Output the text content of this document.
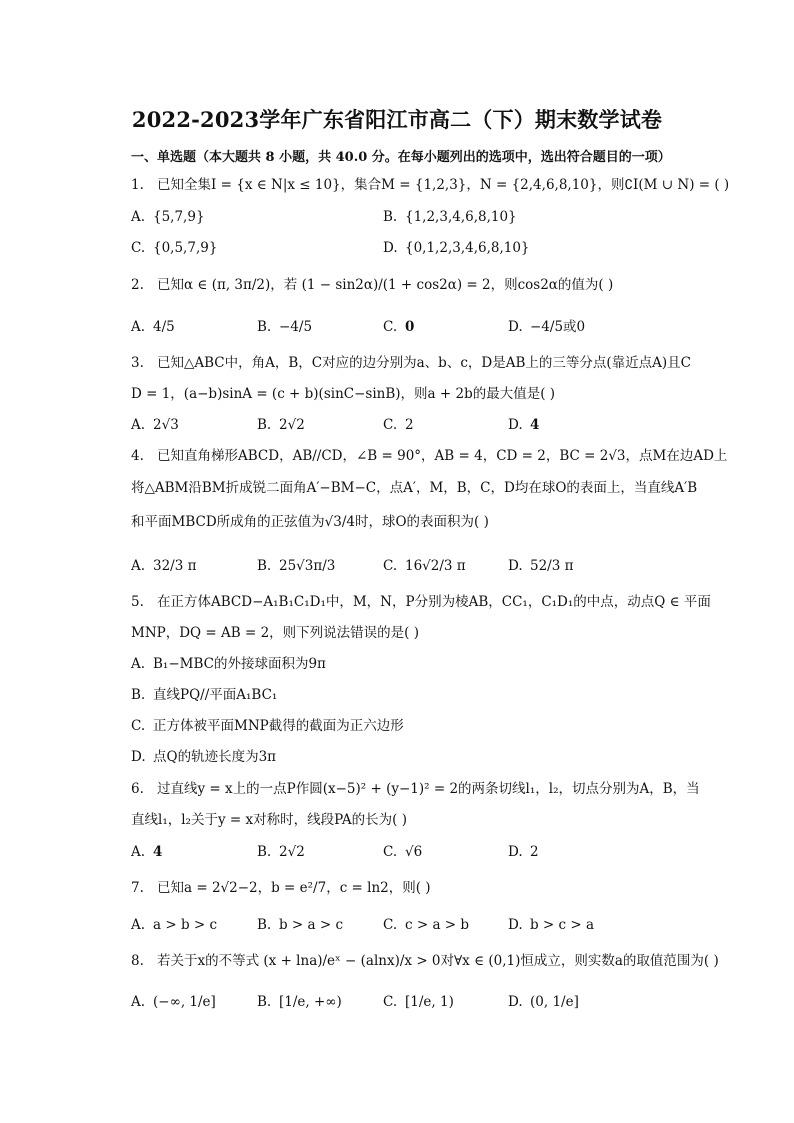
2022-2023学年广东省阳江市高二（下）期末数学试卷
一、单选题（本大题共 8 小题，共 40.0 分。在每小题列出的选项中，选出符合题目的一项）
1. 已知全集I = {x ∈ N|x ≤ 10}，集合M = {1,2,3}，N = {2,4,6,8,10}，则∁I(M ∪ N) = ( )
A. {5,7,9}	B. {1,2,3,4,6,8,10}
C. {0,5,7,9}	D. {0,1,2,3,4,6,8,10}
2. 已知α ∈ (π, 3π/2)，若 (1 − sin2α)/(1 + cos2α) = 2，则cos2α的值为( )
A. 4/5	B. −4/5	C. 0	D. −4/5或0
3. 已知△ABC中，角A，B，C对应的边分别为a、b、c，D是AB上的三等分点(靠近点A)且C
D = 1，(a−b)sinA = (c + b)(sinC−sinB)，则a + 2b的最大值是( )
A. 2√3	B. 2√2	C. 2	D. 4
4. 已知直角梯形ABCD，AB//CD，∠B = 90°，AB = 4，CD = 2，BC = 2√3，点M在边AD上
将△ABM沿BM折成锐二面角A′−BM−C，点A′，M，B，C，D均在球O的表面上，当直线A′B
和平面MBCD所成角的正弦值为√3/4时，球O的表面积为( )
A. 32/3 π	B. 25√3π/3	C. 16√2/3 π	D. 52/3 π
5. 在正方体ABCD−A₁B₁C₁D₁中，M，N，P分别为棱AB，CC₁，C₁D₁的中点，动点Q ∈ 平面
MNP，DQ = AB = 2，则下列说法错误的是( )
A. B₁−MBC的外接球面积为9π
B. 直线PQ//平面A₁BC₁
C. 正方体被平面MNP截得的截面为正六边形
D. 点Q的轨迹长度为3π
6. 过直线y = x上的一点P作圆(x−5)² + (y−1)² = 2的两条切线l₁，l₂，切点分别为A，B，当
直线l₁，l₂关于y = x对称时，线段PA的长为( )
A. 4	B. 2√2	C. √6	D. 2
7. 已知a = 2√2−2，b = e²/7，c = ln2，则( )
A. a > b > c	B. b > a > c	C. c > a > b	D. b > c > a
8. 若关于x的不等式 (x + lna)/eˣ − (alnx)/x > 0对∀x ∈ (0,1)恒成立，则实数a的取值范围为( )
A. (−∞, 1/e]	B. [1/e, +∞)	C. [1/e, 1)	D. (0, 1/e]
